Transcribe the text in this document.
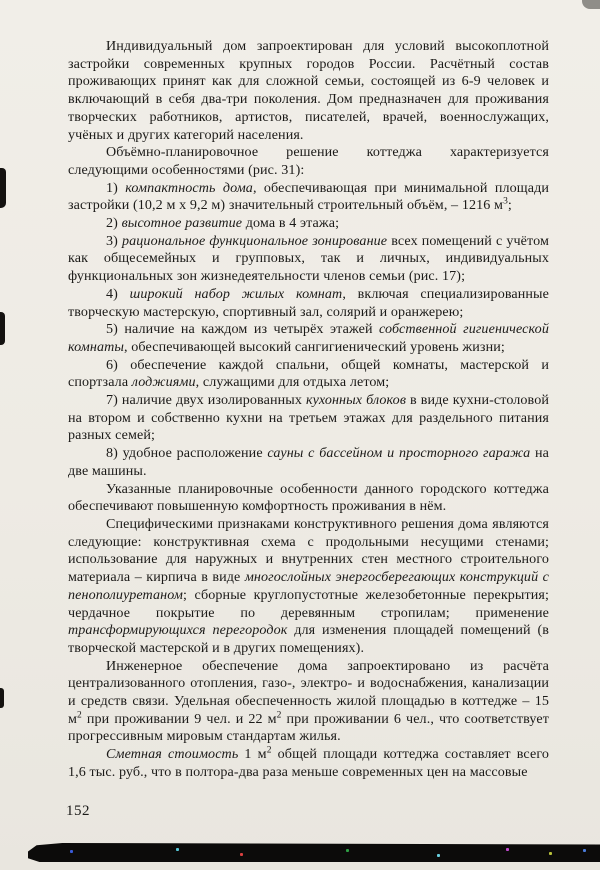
Индивидуальный дом запроектирован для условий высокоплотной застройки современных крупных городов России. Расчётный состав проживающих принят как для сложной семьи, состоящей из 6-9 человек и включающий в себя два-три поколения. Дом предназначен для проживания творческих работников, артистов, писателей, врачей, военнослужащих, учёных и других категорий населения.

Объёмно-планировочное решение коттеджа характеризуется следующими особенностями (рис. 31):

1) компактность дома, обеспечивающая при минимальной площади застройки (10,2 м х 9,2 м) значительный строительный объём, – 1216 $м^3$;

2) высотное развитие дома в 4 этажа;

3) рациональное функциональное зонирование всех помещений с учётом как общесемейных и групповых, так и личных, индивидуальных функциональных зон жизнедеятельности членов семьи (рис. 17);

4) широкий набор жилых комнат, включая специализированные творческую мастерскую, спортивный зал, солярий и оранжерею;

5) наличие на каждом из четырёх этажей собственной гигиенической комнаты, обеспечивающей высокий сангигиенический уровень жизни;

6) обеспечение каждой спальни, общей комнаты, мастерской и спортзала лоджиями, служащими для отдыха летом;

7) наличие двух изолированных кухонных блоков в виде кухни-столовой на втором и собственно кухни на третьем этажах для раздельного питания разных семей;

8) удобное расположение сауны с бассейном и просторного гаража на две машины.

Указанные планировочные особенности данного городского коттеджа обеспечивают повышенную комфортность проживания в нём.

Специфическими признаками конструктивного решения дома являются следующие: конструктивная схема с продольными несущими стенами; использование для наружных и внутренних стен местного строительного материала – кирпича в виде многослойных энергосберегающих конструкций с пенополиуретаном; сборные круглопустотные железобетонные перекрытия; чердачное покрытие по деревянным стропилам; применение трансформирующихся перегородок для изменения площадей помещений (в творческой мастерской и в других помещениях).

Инженерное обеспечение дома запроектировано из расчёта централизованного отопления, газо-, электро- и водоснабжения, канализации и средств связи. Удельная обеспеченность жилой площадью в коттедже – 15 $м^2$ при проживании 9 чел. и 22 $м^2$ при проживании 6 чел., что соответствует прогрессивным мировым стандартам жилья.

Сметная стоимость 1 $м^2$ общей площади коттеджа составляет всего 1,6 тыс. руб., что в полтора-два раза меньше современных цен на массовые

152
